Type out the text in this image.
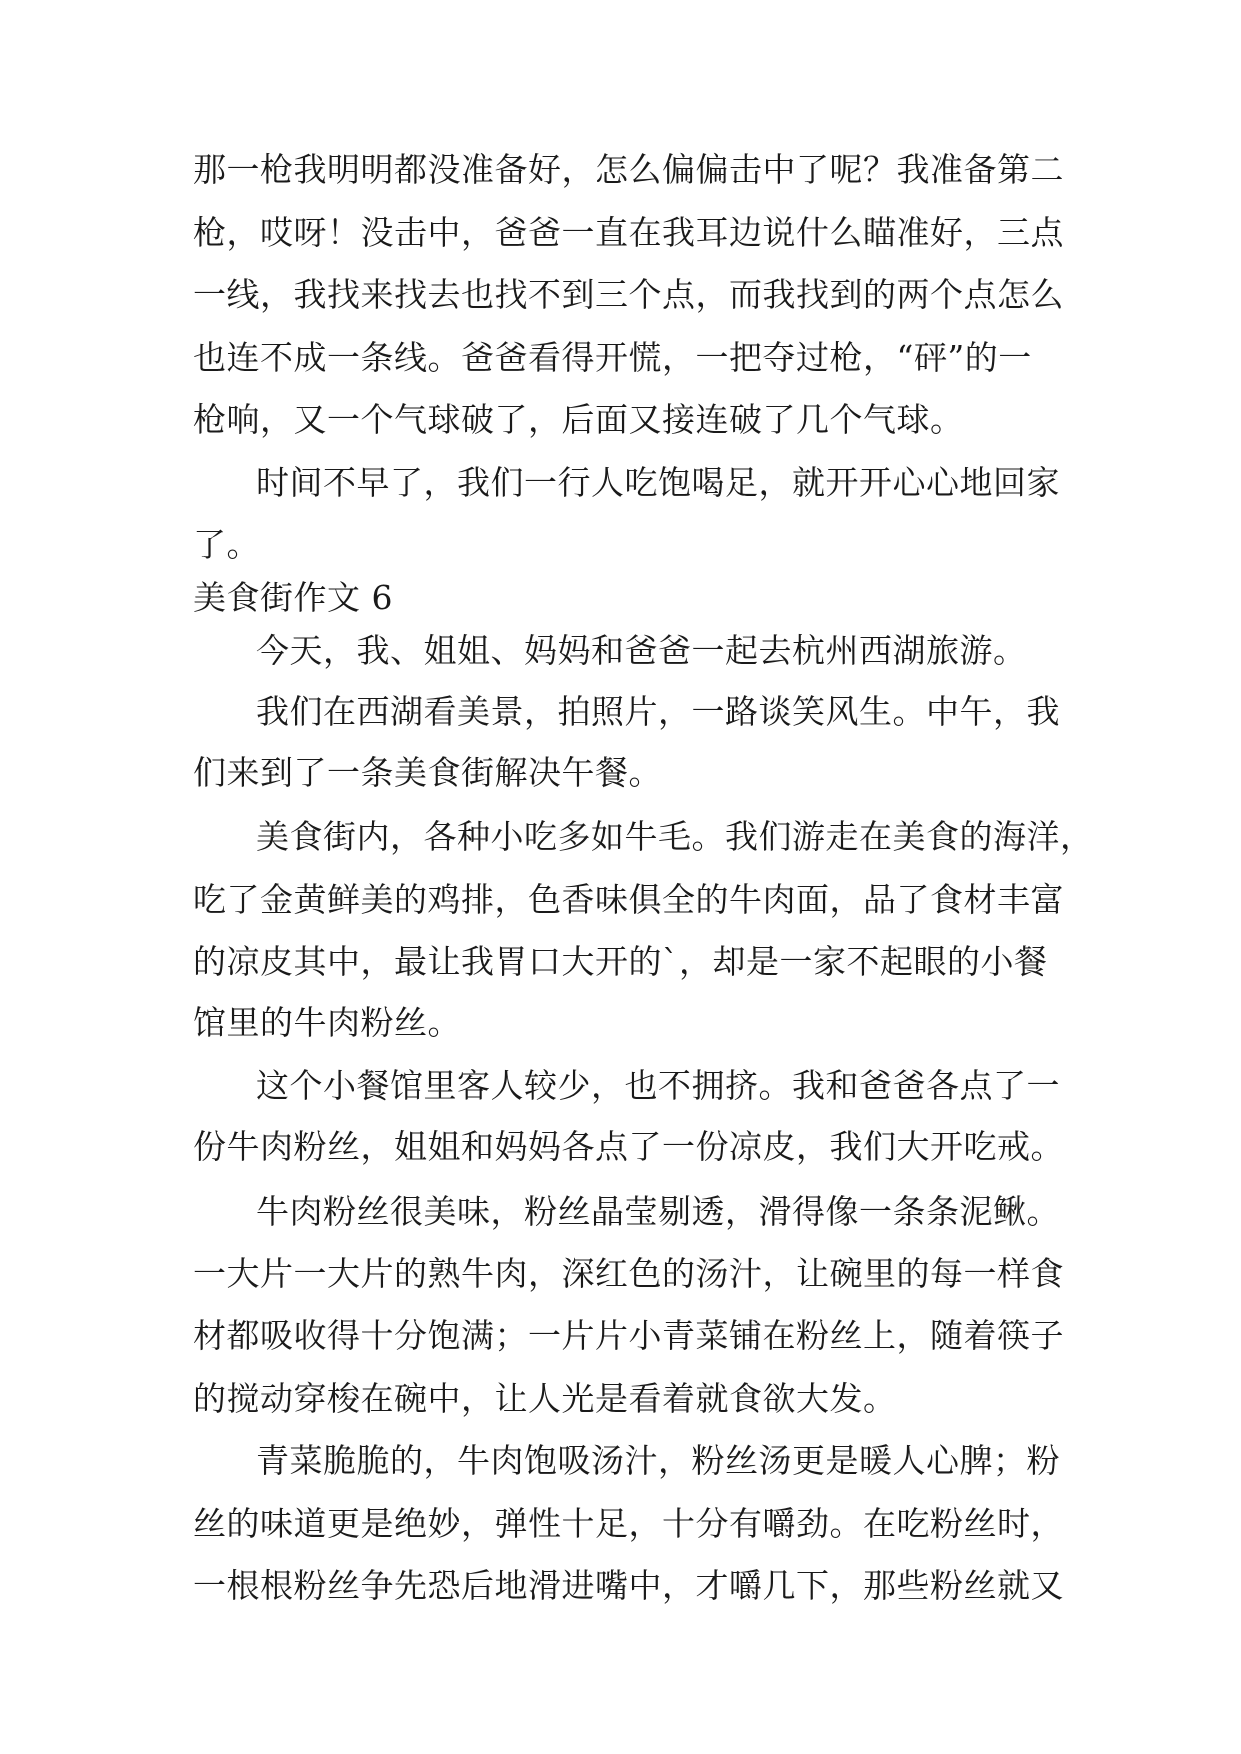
那一枪我明明都没准备好，怎么偏偏击中了呢？我准备第二
枪，哎呀！没击中，爸爸一直在我耳边说什么瞄准好，三点
一线，我找来找去也找不到三个点，而我找到的两个点怎么
也连不成一条线。爸爸看得开慌，一把夺过枪，“砰”的一
枪响，又一个气球破了，后面又接连破了几个气球。
时间不早了，我们一行人吃饱喝足，就开开心心地回家
了。
美食街作文 6
今天，我、姐姐、妈妈和爸爸一起去杭州西湖旅游。
我们在西湖看美景，拍照片，一路谈笑风生。中午，我
们来到了一条美食街解决午餐。
美食街内，各种小吃多如牛毛。我们游走在美食的海洋，
吃了金黄鲜美的鸡排，色香味俱全的牛肉面，品了食材丰富
的凉皮其中，最让我胃口大开的`，却是一家不起眼的小餐
馆里的牛肉粉丝。
这个小餐馆里客人较少，也不拥挤。我和爸爸各点了一
份牛肉粉丝，姐姐和妈妈各点了一份凉皮，我们大开吃戒。
牛肉粉丝很美味，粉丝晶莹剔透，滑得像一条条泥鳅。
一大片一大片的熟牛肉，深红色的汤汁，让碗里的每一样食
材都吸收得十分饱满；一片片小青菜铺在粉丝上，随着筷子
的搅动穿梭在碗中，让人光是看着就食欲大发。
青菜脆脆的，牛肉饱吸汤汁，粉丝汤更是暖人心脾；粉
丝的味道更是绝妙，弹性十足，十分有嚼劲。在吃粉丝时，
一根根粉丝争先恐后地滑进嘴中，才嚼几下，那些粉丝就又
